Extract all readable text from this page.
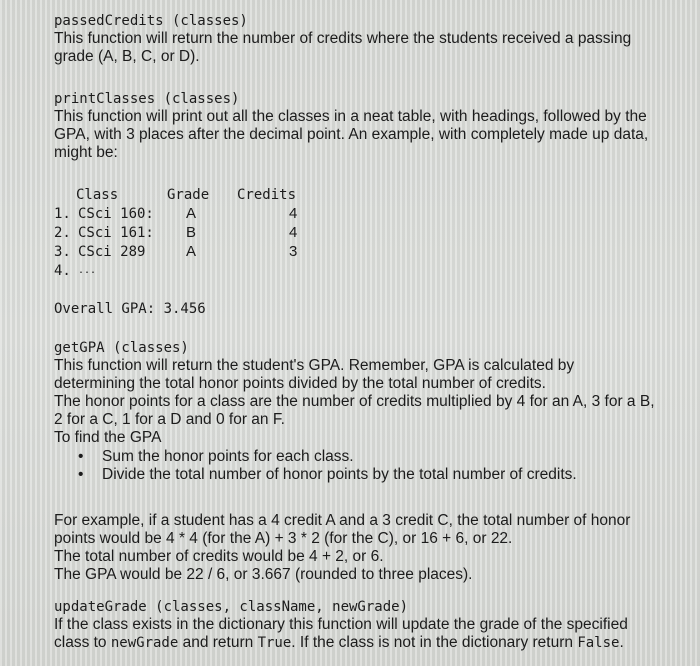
passedCredits (classes)
This function will return the number of credits where the students received a passing grade (A, B, C, or D).
printClasses (classes)
This function will print out all the classes in a neat table, with headings, followed by the GPA, with 3 places after the decimal point. An example, with completely made up data, might be:
Class	Grade Credits
1. CSci 160: A	4
2. CSci 161: B	4
3. CSci 289	A	3
4. ...
Overall GPA: 3.456
getGPA (classes)
This function will return the student's GPA. Remember, GPA is calculated by
determining the total honor points divided by the total number of credits.
The honor points for a class are the number of credits multiplied by 4 for an A, 3 for a B,
2 for a C, 1 for a D and 0 for an F.
To find the GPA
• Sum the honor points for each class.
• Divide the total number of honor points by the total number of credits.
For example, if a student has a 4 credit A and a 3 credit C, the total number of honor
points would be 4 * 4 (for the A) + 3 * 2 (for the C), or 16 + 6, or 22.
The total number of credits would be 4 + 2, or 6.
The GPA would be 22 / 6, or 3.667 (rounded to three places).
updateGrade (classes, className, newGrade)
If the class exists in the dictionary this function will update the grade of the specified
class to newGrade and return True. If the class is not in the dictionary return False.
